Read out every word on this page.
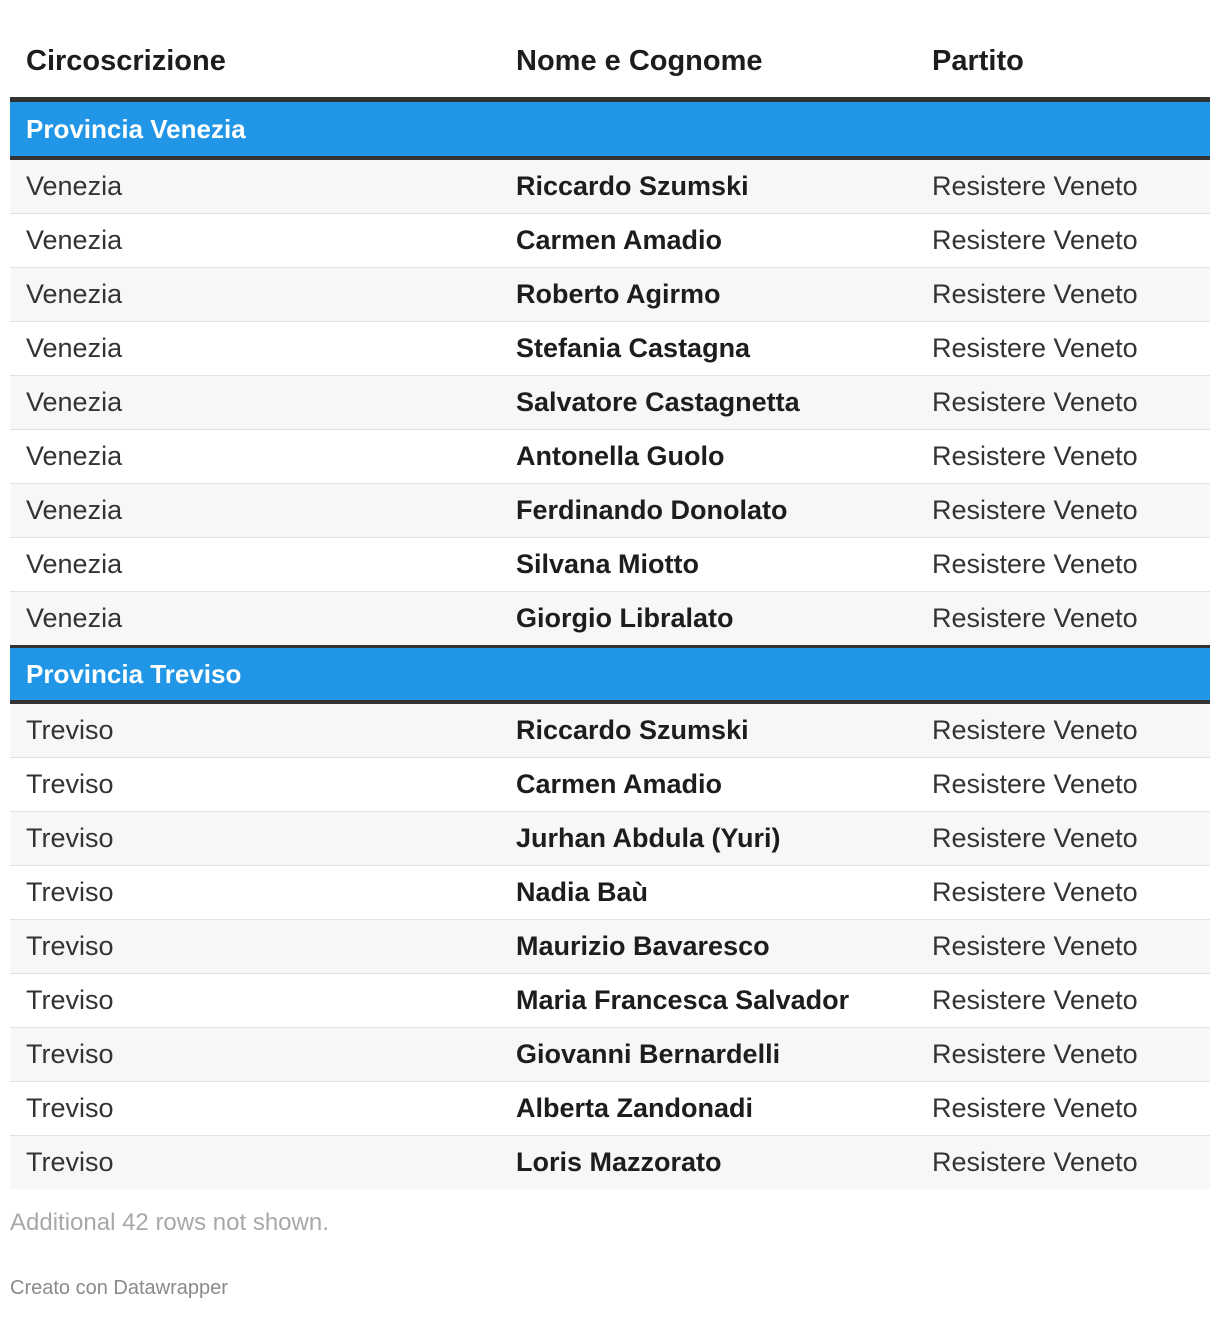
Circoscrizione	Nome e Cognome	Partito
Provincia Venezia
Venezia	Riccardo Szumski	Resistere Veneto
Venezia	Carmen Amadio	Resistere Veneto
Venezia	Roberto Agirmo	Resistere Veneto
Venezia	Stefania Castagna	Resistere Veneto
Venezia	Salvatore Castagnetta	Resistere Veneto
Venezia	Antonella Guolo	Resistere Veneto
Venezia	Ferdinando Donolato	Resistere Veneto
Venezia	Silvana Miotto	Resistere Veneto
Venezia	Giorgio Libralato	Resistere Veneto
Provincia Treviso
Treviso	Riccardo Szumski	Resistere Veneto
Treviso	Carmen Amadio	Resistere Veneto
Treviso	Jurhan Abdula (Yuri)	Resistere Veneto
Treviso	Nadia Baù	Resistere Veneto
Treviso	Maurizio Bavaresco	Resistere Veneto
Treviso	Maria Francesca Salvador	Resistere Veneto
Treviso	Giovanni Bernardelli	Resistere Veneto
Treviso	Alberta Zandonadi	Resistere Veneto
Treviso	Loris Mazzorato	Resistere Veneto
Additional 42 rows not shown.
Creato con Datawrapper
